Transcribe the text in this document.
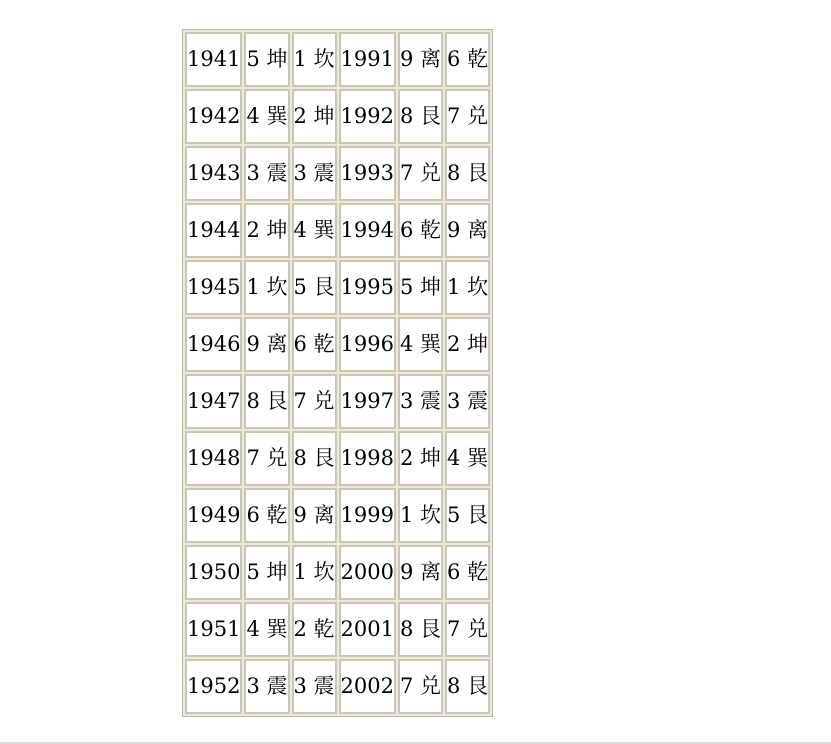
1941	5 坤	1 坎	1991	9 离	6 乾
1942	4 巽	2 坤	1992	8 艮	7 兑
1943	3 震	3 震	1993	7 兑	8 艮
1944	2 坤	4 巽	1994	6 乾	9 离
1945	1 坎	5 艮	1995	5 坤	1 坎
1946	9 离	6 乾	1996	4 巽	2 坤
1947	8 艮	7 兑	1997	3 震	3 震
1948	7 兑	8 艮	1998	2 坤	4 巽
1949	6 乾	9 离	1999	1 坎	5 艮
1950	5 坤	1 坎	2000	9 离	6 乾
1951	4 巽	2 乾	2001	8 艮	7 兑
1952	3 震	3 震	2002	7 兑	8 艮
